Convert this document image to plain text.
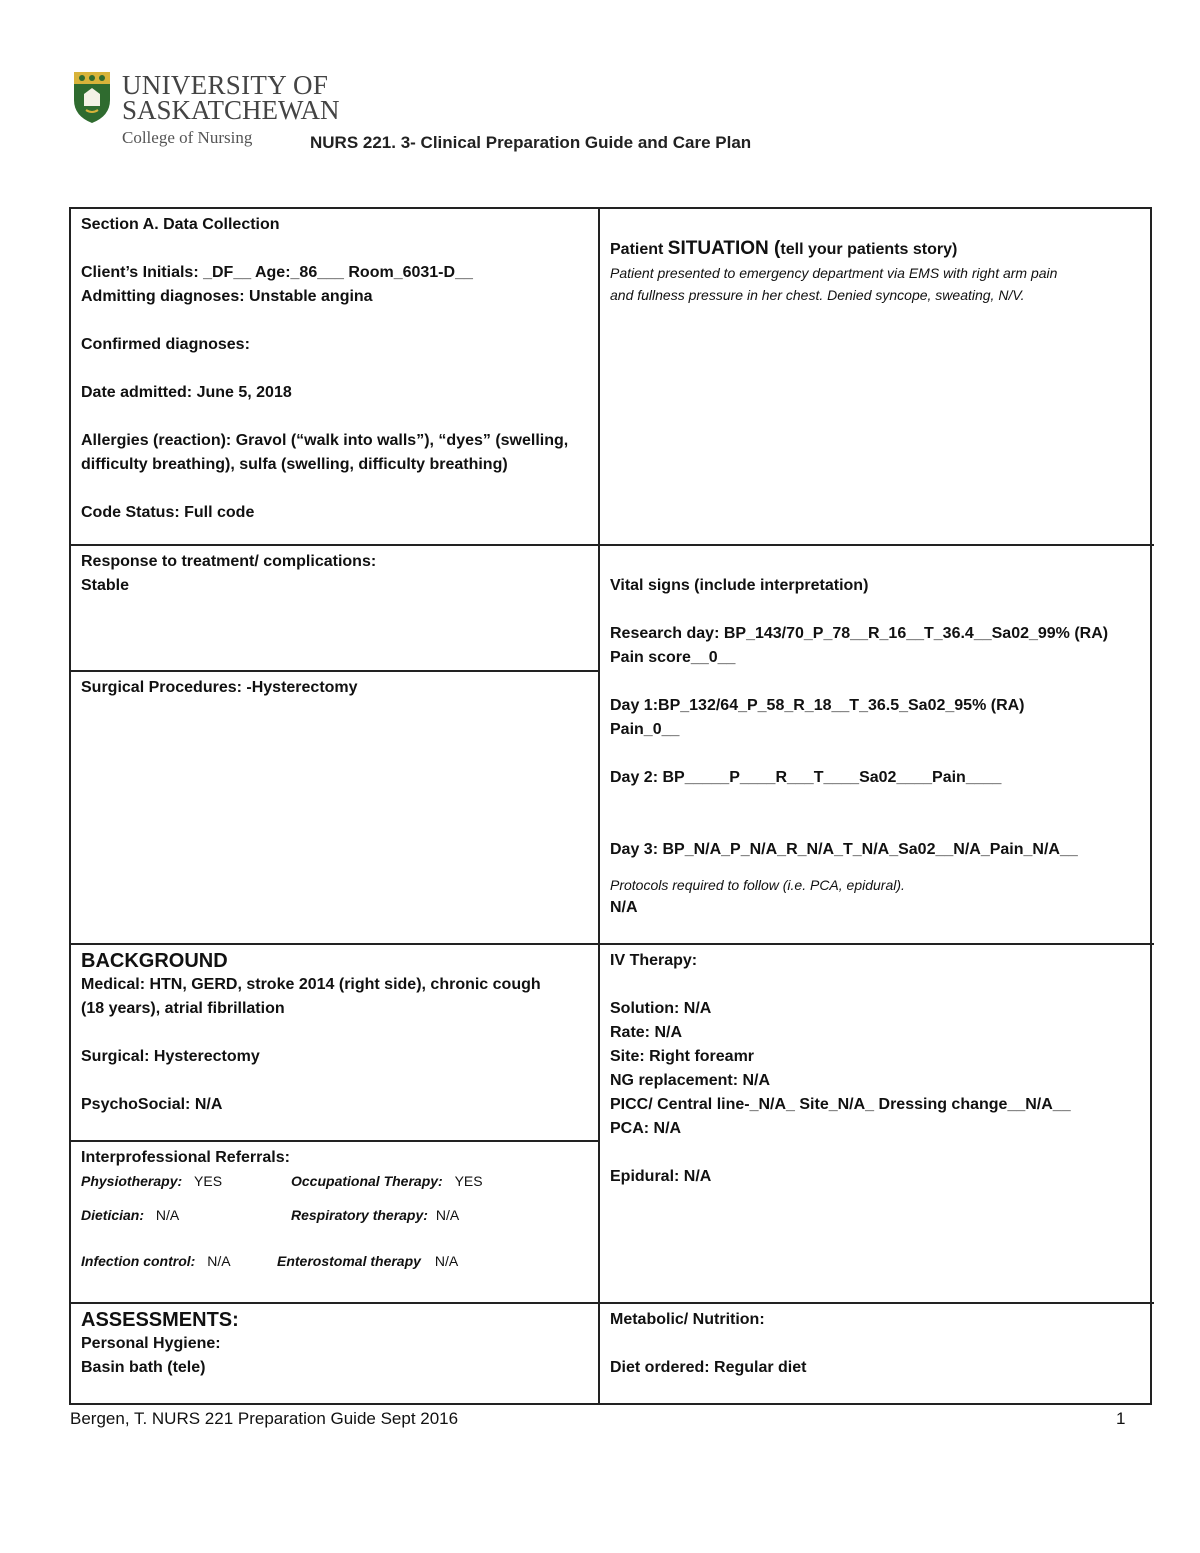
UNIVERSITY OF
SASKATCHEWAN
College of Nursing	NURS 221. 3- Clinical Preparation Guide and Care Plan

Section A. Data Collection

Client’s Initials: _DF__ Age:_86___ Room_6031-D__

Admitting diagnoses: Unstable angina

Confirmed diagnoses:

Date admitted: June 5, 2018

Allergies (reaction): Gravol (“walk into walls”), “dyes” (swelling,

difficulty breathing), sulfa (swelling, difficulty breathing)

Code Status: Full code

Patient SITUATION (tell your patients story)

Patient presented to emergency department via EMS with right arm pain

and fullness pressure in her chest. Denied syncope, sweating, N/V.

Response to treatment/ complications:

Stable

Surgical Procedures: -Hysterectomy

Vital signs (include interpretation)

Research day: BP_143/70_P_78__R_16__T_36.4__Sa02_99% (RA)

Pain score__0__

Day 1:BP_132/64_P_58_R_18__T_36.5_Sa02_95% (RA)

Pain_0__

Day 2: BP_____P____R___T____Sa02____Pain____

Day 3: BP_N/A_P_N/A_R_N/A_T_N/A_Sa02__N/A_Pain_N/A__

Protocols required to follow (i.e. PCA, epidural).

N/A

BACKGROUND

Medical: HTN, GERD, stroke 2014 (right side), chronic cough

(18 years), atrial fibrillation

Surgical: Hysterectomy

PsychoSocial: N/A

IV Therapy:

Solution: N/A

Rate: N/A

Site: Right foreamr

NG replacement: N/A

PICC/ Central line-_N/A_ Site_N/A_ Dressing change__N/A__

PCA: N/A

Epidural: N/A

Interprofessional Referrals:

Physiotherapy: YES	Occupational Therapy: YES
Dietician: N/A	Respiratory therapy: N/A
Infection control: N/A	Enterostomal therapy N/A

ASSESSMENTS:

Personal Hygiene:

Basin bath (tele)

Metabolic/ Nutrition:

Diet ordered: Regular diet

Bergen, T. NURS 221 Preparation Guide Sept 2016	1
